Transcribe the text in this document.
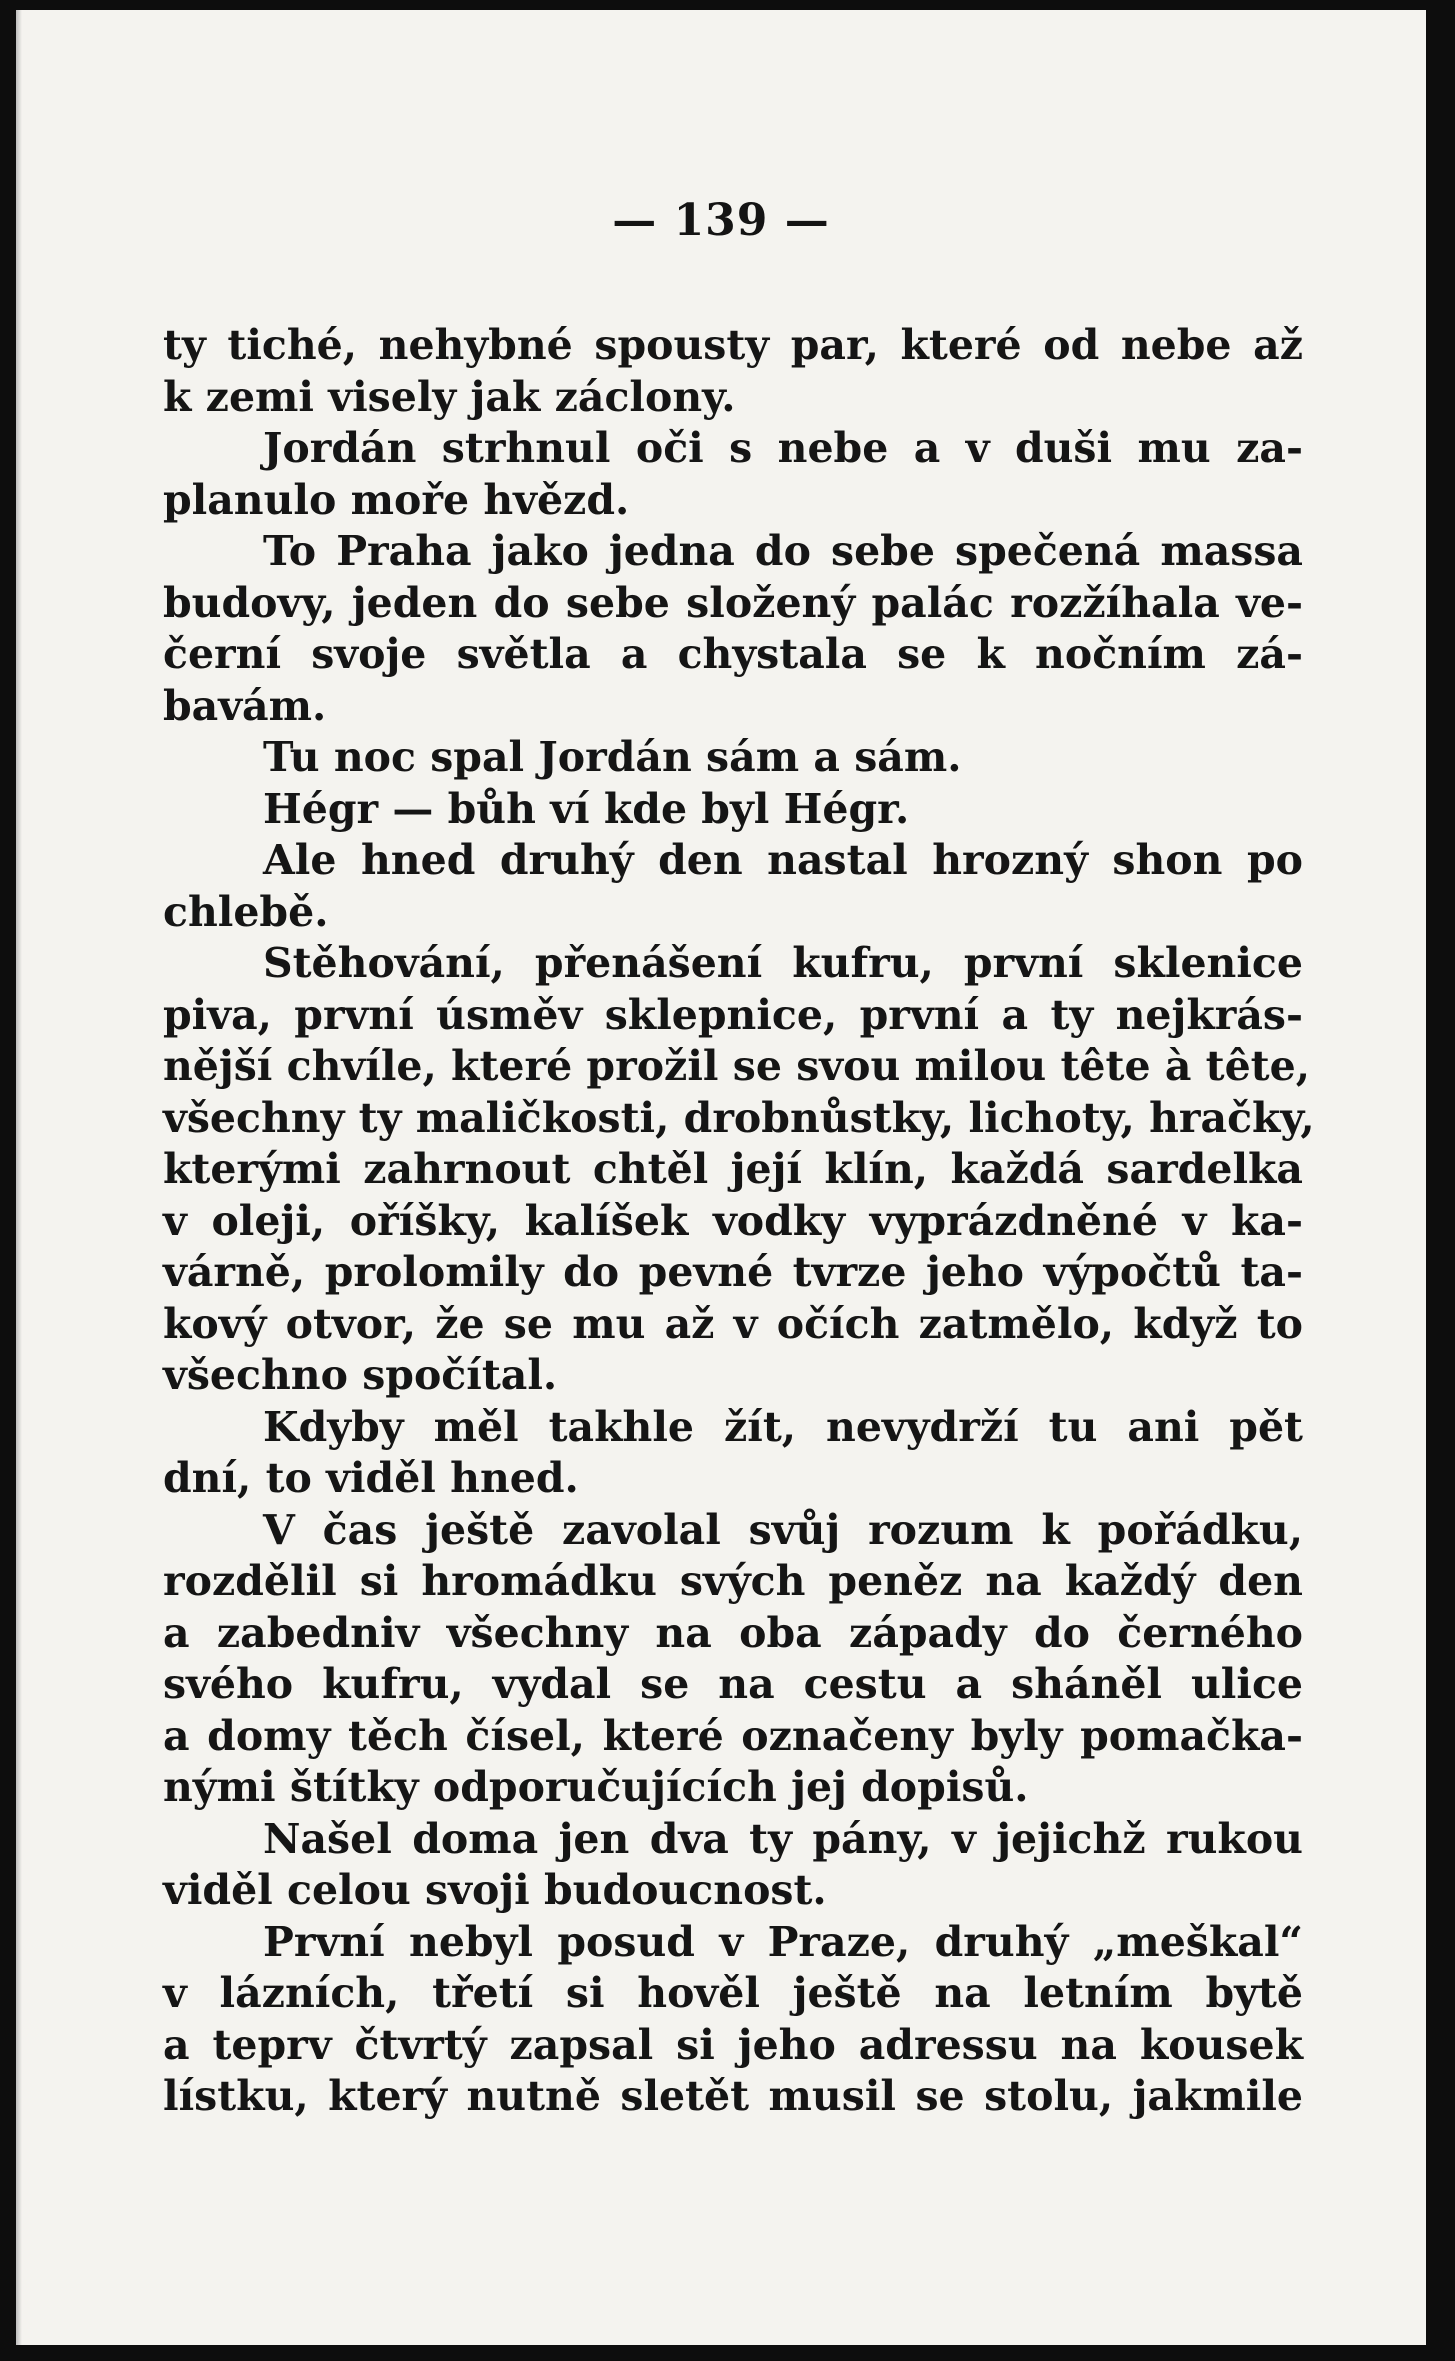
— 139 —
ty tiché, nehybné spousty par, které od nebe až
k zemi visely jak záclony.
Jordán strhnul oči s nebe a v duši mu za-
planulo moře hvězd.
To Praha jako jedna do sebe spečená massa
budovy, jeden do sebe složený palác rozžíhala ve-
černí svoje světla a chystala se k nočním zá-
bavám.
Tu noc spal Jordán sám a sám.
Hégr — bůh ví kde byl Hégr.
Ale hned druhý den nastal hrozný shon po
chlebě.
Stěhování, přenášení kufru, první sklenice
piva, první úsměv sklepnice, první a ty nejkrás-
nější chvíle, které prožil se svou milou tête à tête,
všechny ty maličkosti, drobnůstky, lichoty, hračky,
kterými zahrnout chtěl její klín, každá sardelka
v oleji, oříšky, kalíšek vodky vyprázdněné v ka-
várně, prolomily do pevné tvrze jeho výpočtů ta-
kový otvor, že se mu až v očích zatmělo, když to
všechno spočítal.
Kdyby měl takhle žít, nevydrží tu ani pět
dní, to viděl hned.
V čas ještě zavolal svůj rozum k pořádku,
rozdělil si hromádku svých peněz na každý den
a zabedniv všechny na oba západy do černého
svého kufru, vydal se na cestu a sháněl ulice
a domy těch čísel, které označeny byly pomačka-
nými štítky odporučujících jej dopisů.
Našel doma jen dva ty pány, v jejichž rukou
viděl celou svoji budoucnost.
První nebyl posud v Praze, druhý „meškal“
v lázních, třetí si hověl ještě na letním bytě
a teprv čtvrtý zapsal si jeho adressu na kousek
lístku, který nutně sletět musil se stolu, jakmile
